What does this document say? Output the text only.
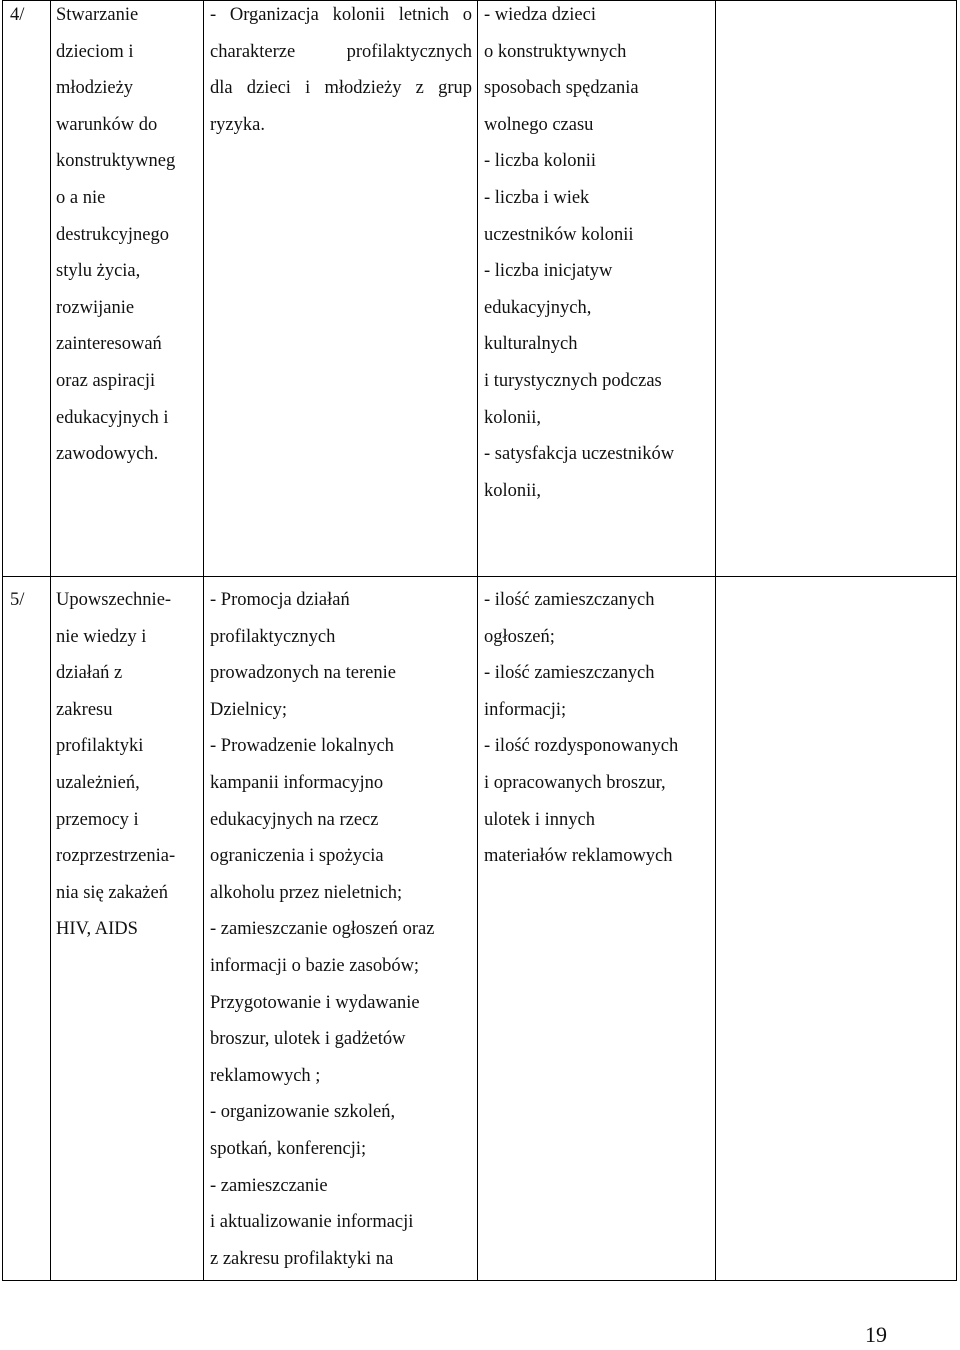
4/ Stwarzanie
dzieciom i
młodzieży
warunków do
konstruktywneg
o a nie
destrukcyjnego
stylu życia,
rozwijanie
zainteresowań
oraz aspiracji
edukacyjnych i
zawodowych.
- Organizacja kolonii letnich o
charakterze profilaktycznych
dla dzieci i młodzieży z grup
ryzyka.
- wiedza dzieci
o konstruktywnych
sposobach spędzania
wolnego czasu
- liczba kolonii
- liczba i wiek
uczestników kolonii
- liczba inicjatyw
edukacyjnych,
kulturalnych
i turystycznych podczas
kolonii,
- satysfakcja uczestników
kolonii,
5/ Upowszechnie-
nie wiedzy i
działań z
zakresu
profilaktyki
uzależnień,
przemocy i
rozprzestrzenia-
nia się zakażeń
HIV, AIDS
- Promocja działań
profilaktycznych
prowadzonych na terenie
Dzielnicy;
- Prowadzenie lokalnych
kampanii informacyjno
edukacyjnych na rzecz
ograniczenia i spożycia
alkoholu przez nieletnich;
- zamieszczanie ogłoszeń oraz
informacji o bazie zasobów;
Przygotowanie i wydawanie
broszur, ulotek i gadżetów
reklamowych ;
- organizowanie szkoleń,
spotkań, konferencji;
- zamieszczanie
i aktualizowanie informacji
z zakresu profilaktyki na
- ilość zamieszczanych
ogłoszeń;
- ilość zamieszczanych
informacji;
- ilość rozdysponowanych
i opracowanych broszur,
ulotek i innych
materiałów reklamowych
19
